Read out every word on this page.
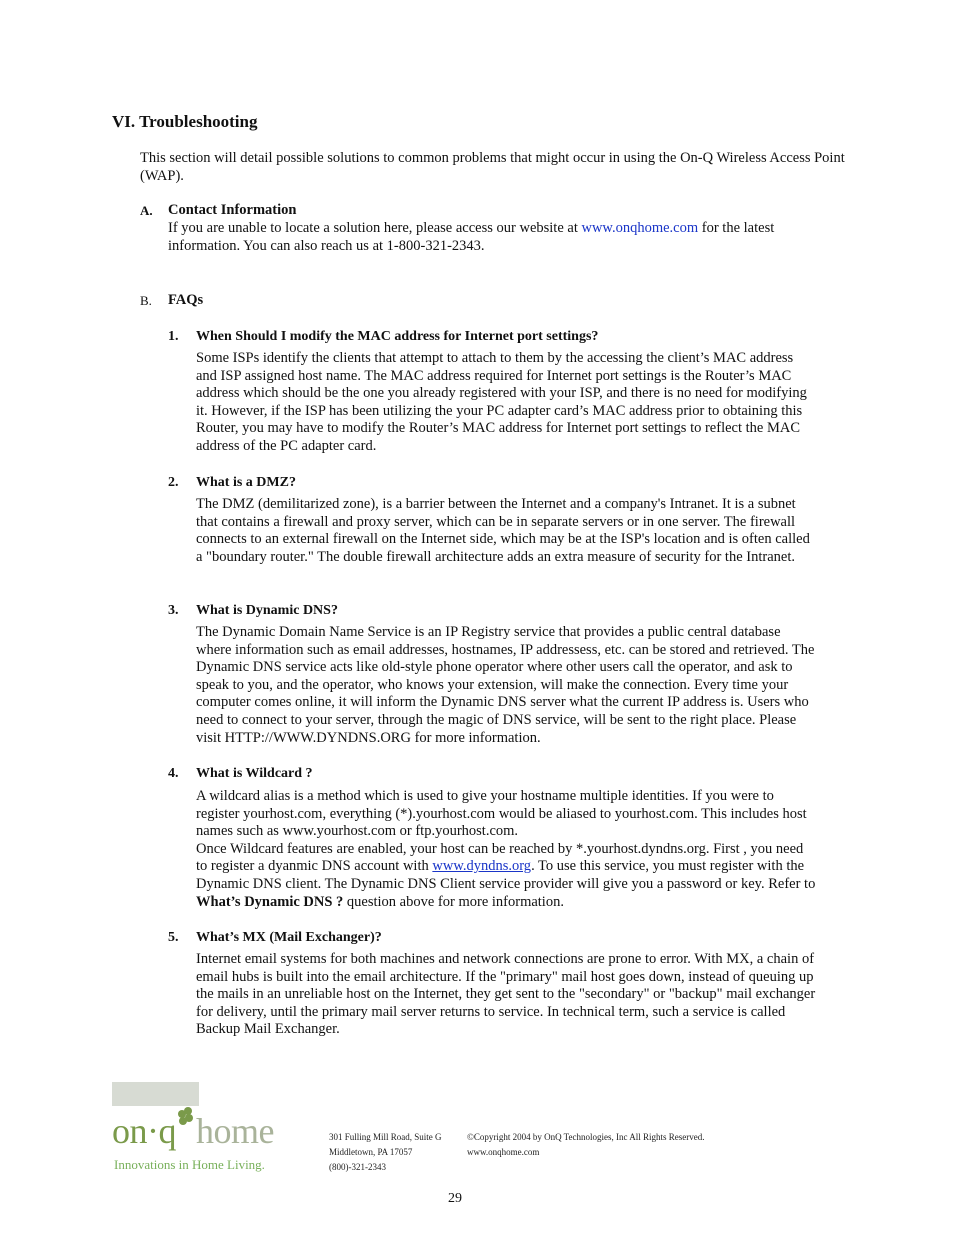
VI. Troubleshooting
This section will detail possible solutions to common problems that might occur in using the On-Q Wireless Access Point (WAP).
A. Contact Information
If you are unable to locate a solution here, please access our website at www.onqhome.com for the latest information. You can also reach us at 1-800-321-2343.
B. FAQs
1. When Should I modify the MAC address for Internet port settings?
Some ISPs identify the clients that attempt to attach to them by the accessing the client’s MAC address and ISP assigned host name. The MAC address required for Internet port settings is the Router’s MAC address which should be the one you already registered with your ISP, and there is no need for modifying it. However, if the ISP has been utilizing the your PC adapter card’s MAC address prior to obtaining this Router, you may have to modify the Router’s MAC address for Internet port settings to reflect the MAC address of the PC adapter card.
2. What is a DMZ?
The DMZ (demilitarized zone), is a barrier between the Internet and a company's Intranet. It is a subnet that contains a firewall and proxy server, which can be in separate servers or in one server. The firewall connects to an external firewall on the Internet side, which may be at the ISP's location and is often called a "boundary router." The double firewall architecture adds an extra measure of security for the Intranet.
3. What is Dynamic DNS?
The Dynamic Domain Name Service is an IP Registry service that provides a public central database where information such as email addresses, hostnames, IP addressess, etc. can be stored and retrieved. The Dynamic DNS service acts like old-style phone operator where other users call the operator, and ask to speak to you, and the operator, who knows your extension, will make the connection. Every time your computer comes online, it will inform the Dynamic DNS server what the current IP address is. Users who need to connect to your server, through the magic of DNS service, will be sent to the right place. Please visit HTTP://WWW.DYNDNS.ORG for more information.
4. What is Wildcard ?
A wildcard alias is a method which is used to give your hostname multiple identities. If you were to register yourhost.com, everything (*).yourhost.com would be aliased to yourhost.com. This includes host names such as www.yourhost.com or ftp.yourhost.com.
Once Wildcard features are enabled, your host can be reached by *.yourhost.dyndns.org. First , you need to register a dyanmic DNS account with www.dyndns.org. To use this service, you must register with the Dynamic DNS client. The Dynamic DNS Client service provider will give you a password or key. Refer to What’s Dynamic DNS ? question above for more information.
5. What’s MX (Mail Exchanger)?
Internet email systems for both machines and network connections are prone to error. With MX, a chain of email hubs is built into the email architecture. If the "primary" mail host goes down, instead of queuing up the mails in an unreliable host on the Internet, they get sent to the "secondary" or "backup" mail exchanger for delivery, until the primary mail server returns to service. In technical term, such a service is called Backup Mail Exchanger.
on·q home
Innovations in Home Living.
301 Fulling Mill Road, Suite G
Middletown, PA 17057
(800)-321-2343
©Copyright 2004 by OnQ Technologies, Inc All Rights Reserved.
www.onqhome.com
29
